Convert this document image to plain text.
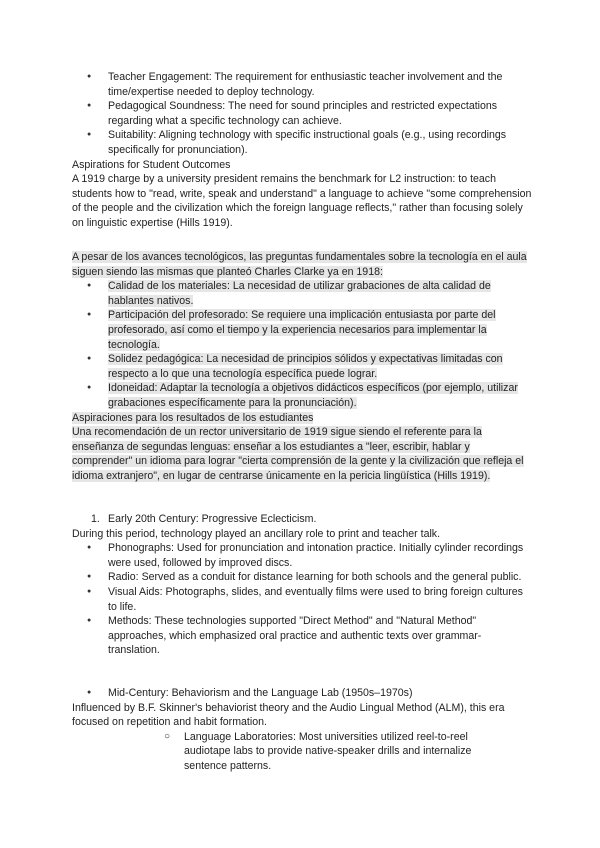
● Teacher Engagement: The requirement for enthusiastic teacher involvement and the time/expertise needed to deploy technology.
● Pedagogical Soundness: The need for sound principles and restricted expectations regarding what a specific technology can achieve.
● Suitability: Aligning technology with specific instructional goals (e.g., using recordings specifically for pronunciation).

Aspirations for Student Outcomes

A 1919 charge by a university president remains the benchmark for L2 instruction: to teach students how to "read, write, speak and understand" a language to achieve "some comprehension of the people and the civilization which the foreign language reflects," rather than focusing solely on linguistic expertise (Hills 1919).

A pesar de los avances tecnológicos, las preguntas fundamentales sobre la tecnología en el aula siguen siendo las mismas que planteó Charles Clarke ya en 1918:

● Calidad de los materiales: La necesidad de utilizar grabaciones de alta calidad de hablantes nativos.
● Participación del profesorado: Se requiere una implicación entusiasta por parte del profesorado, así como el tiempo y la experiencia necesarios para implementar la tecnología.
● Solidez pedagógica: La necesidad de principios sólidos y expectativas limitadas con respecto a lo que una tecnología específica puede lograr.
● Idoneidad: Adaptar la tecnología a objetivos didácticos específicos (por ejemplo, utilizar grabaciones específicamente para la pronunciación).

Aspiraciones para los resultados de los estudiantes

Una recomendación de un rector universitario de 1919 sigue siendo el referente para la enseñanza de segundas lenguas: enseñar a los estudiantes a "leer, escribir, hablar y comprender" un idioma para lograr "cierta comprensión de la gente y la civilización que refleja el idioma extranjero", en lugar de centrarse únicamente en la pericia lingüística (Hills 1919).

1. Early 20th Century: Progressive Eclecticism.

During this period, technology played an ancillary role to print and teacher talk.

● Phonographs: Used for pronunciation and intonation practice. Initially cylinder recordings were used, followed by improved discs.
● Radio: Served as a conduit for distance learning for both schools and the general public.
● Visual Aids: Photographs, slides, and eventually films were used to bring foreign cultures to life.
● Methods: These technologies supported "Direct Method" and "Natural Method" approaches, which emphasized oral practice and authentic texts over grammar-translation.
● Mid-Century: Behaviorism and the Language Lab (1950s–1970s)

Influenced by B.F. Skinner's behaviorist theory and the Audio Lingual Method (ALM), this era focused on repetition and habit formation.

○ Language Laboratories: Most universities utilized reel-to-reel audiotape labs to provide native-speaker drills and internalize sentence patterns.
